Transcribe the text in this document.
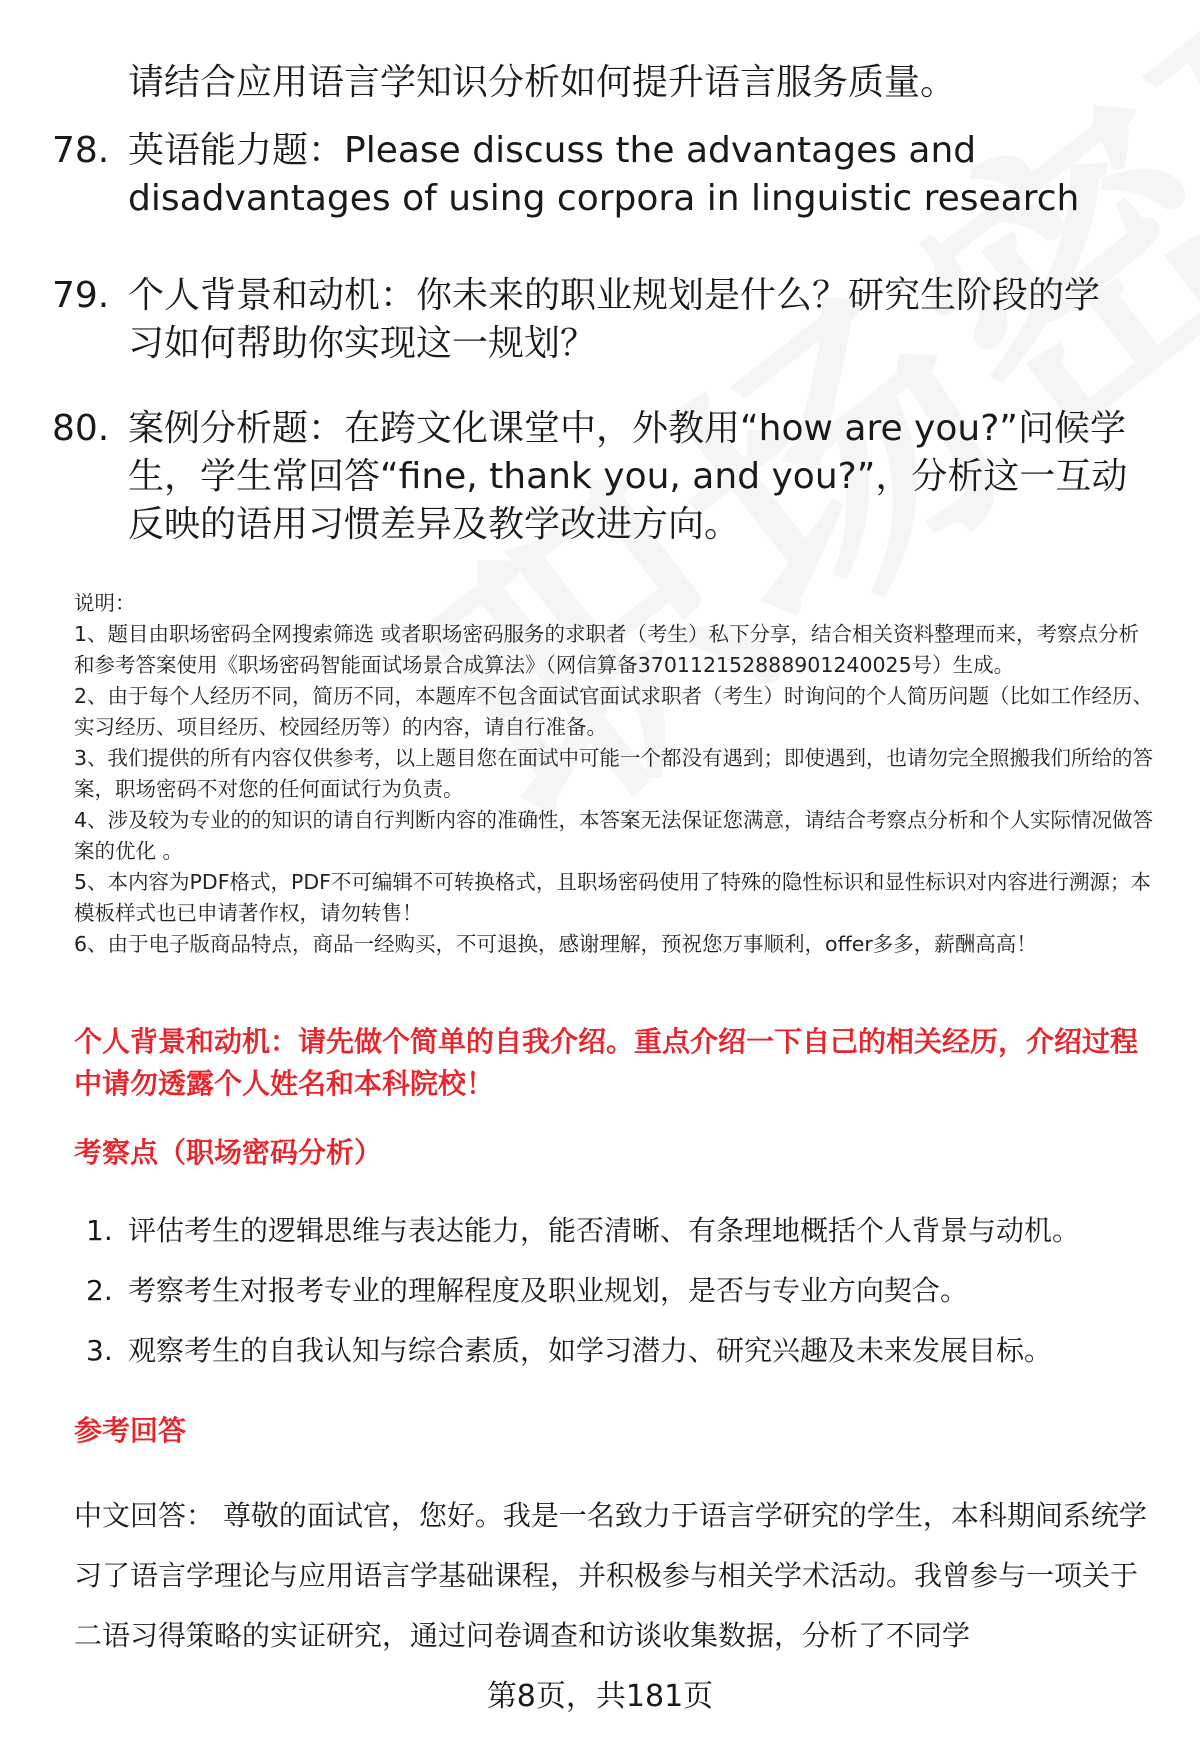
请结合应用语言学知识分析如何提升语言服务质量。
78. 英语能力题：Please discuss the advantages and disadvantages of using corpora in linguistic research
79. 个人背景和动机：你未来的职业规划是什么？研究生阶段的学习如何帮助你实现这一规划？
80. 案例分析题：在跨文化课堂中，外教用“how are you?”问候学生，学生常回答“fine, thank you, and you?”，分析这一互动反映的语用习惯差异及教学改进方向。

说明：

1、题目由职场密码全网搜索筛选 或者职场密码服务的求职者（考生）私下分享，结合相关资料整理而来，考察点分析和参考答案使用《职场密码智能面试场景合成算法》（网信算备370112152888901240025号）生成。

2、由于每个人经历不同，简历不同，本题库不包含面试官面试求职者（考生）时询问的个人简历问题（比如工作经历、实习经历、项目经历、校园经历等）的内容，请自行准备。

3、我们提供的所有内容仅供参考，以上题目您在面试中可能一个都没有遇到；即使遇到，也请勿完全照搬我们所给的答案，职场密码不对您的任何面试行为负责。

4、涉及较为专业的的知识的请自行判断内容的准确性，本答案无法保证您满意，请结合考察点分析和个人实际情况做答案的优化 。

5、本内容为PDF格式，PDF不可编辑不可转换格式，且职场密码使用了特殊的隐性标识和显性标识对内容进行溯源；本模板样式也已申请著作权，请勿转售！

6、由于电子版商品特点，商品一经购买，不可退换，感谢理解，预祝您万事顺利，offer多多，薪酬高高！

个人背景和动机：请先做个简单的自我介绍。重点介绍一下自己的相关经历，介绍过程中请勿透露个人姓名和本科院校！
考察点（职场密码分析）
1. 评估考生的逻辑思维与表达能力，能否清晰、有条理地概括个人背景与动机。
2. 考察考生对报考专业的理解程度及职业规划，是否与专业方向契合。
3. 观察考生的自我认知与综合素质，如学习潜力、研究兴趣及未来发展目标。
参考回答
中文回答： 尊敬的面试官，您好。我是一名致力于语言学研究的学生，本科期间系统学习了语言学理论与应用语言学基础课程，并积极参与相关学术活动。我曾参与一项关于二语习得策略的实证研究，通过问卷调查和访谈收集数据，分析了不同学
第8页，共181页
